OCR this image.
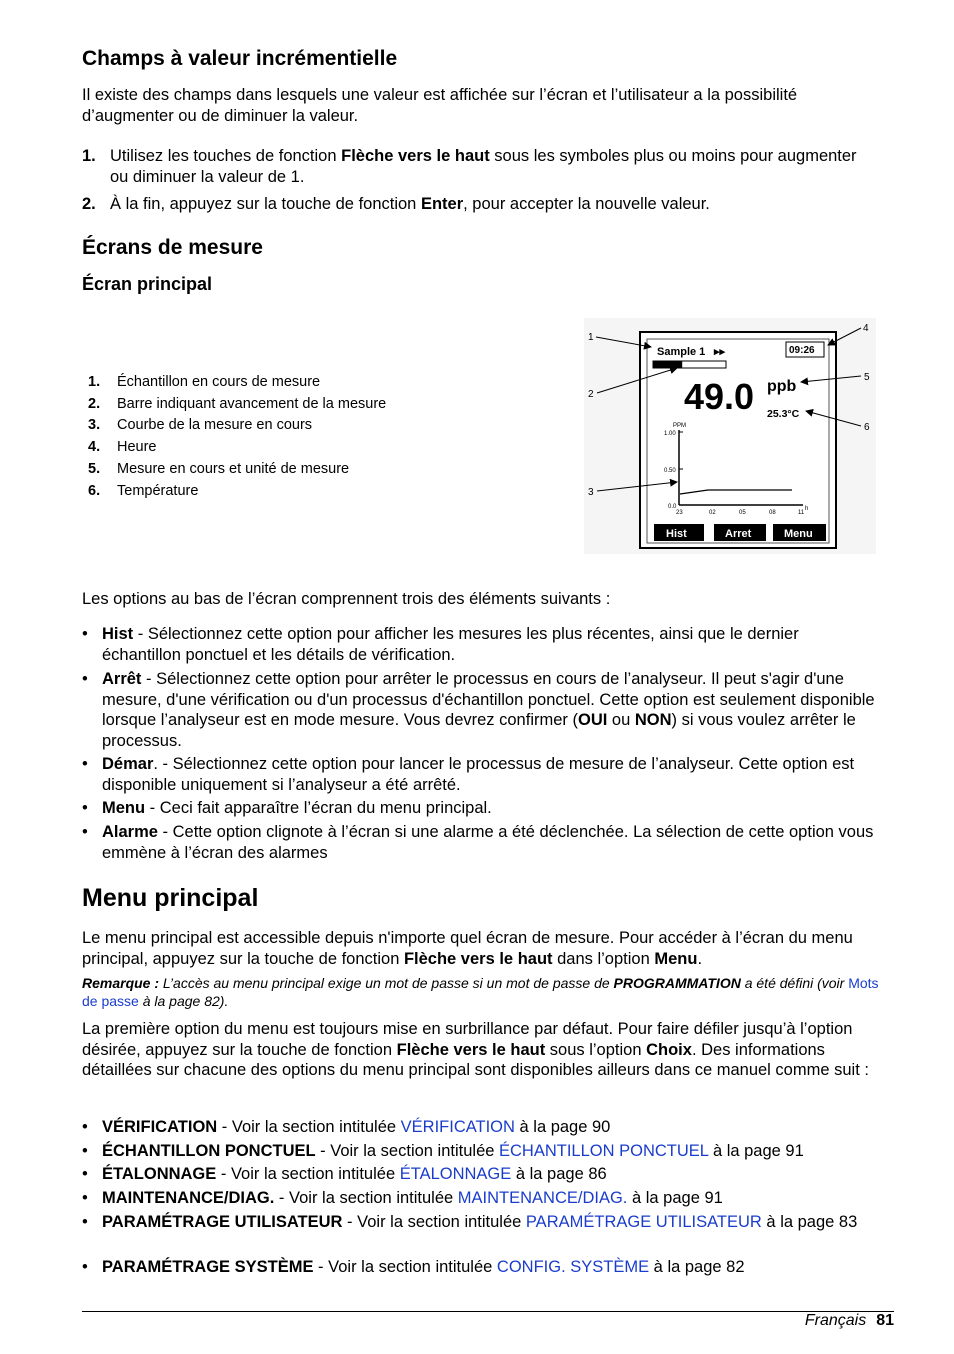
Champs à valeur incrémentielle

Il existe des champs dans lesquels une valeur est affichée sur l’écran et l’utilisateur a la possibilité d’augmenter ou de diminuer la valeur.

1. Utilisez les touches de fonction Flèche vers le haut sous les symboles plus ou moins pour augmenter ou diminuer la valeur de 1.
2. À la fin, appuyez sur la touche de fonction Enter, pour accepter la nouvelle valeur.
Écrans de mesure
Écran principal
1.	Échantillon en cours de mesure
2.	Barre indiquant avancement de la mesure
3.	Courbe de la mesure en cours
4.	Heure
5.	Mesure en cours et unité de mesure
6.	Température
Sample 1 ▸▸	09:26
49.0 ppb
25.3°C
PPM
1.00
0.50
0.0
23	02	05	08	11
h
Hist	Arret	Menu
1
2
3
4
5
6

Les options au bas de l’écran comprennent trois des éléments suivants :

• Hist - Sélectionnez cette option pour afficher les mesures les plus récentes, ainsi que le dernier échantillon ponctuel et les détails de vérification.
• Arrêt - Sélectionnez cette option pour arrêter le processus en cours de l’analyseur. Il peut s'agir d'une mesure, d'une vérification ou d'un processus d'échantillon ponctuel. Cette option est seulement disponible lorsque l’analyseur est en mode mesure. Vous devrez confirmer (OUI ou NON) si vous voulez arrêter le processus.
• Démar. - Sélectionnez cette option pour lancer le processus de mesure de l’analyseur. Cette option est disponible uniquement si l’analyseur a été arrêté.
• Menu - Ceci fait apparaître l’écran du menu principal.
• Alarme - Cette option clignote à l’écran si une alarme a été déclenchée. La sélection de cette option vous emmène à l’écran des alarmes
Menu principal

Le menu principal est accessible depuis n'importe quel écran de mesure. Pour accéder à l’écran du menu principal, appuyez sur la touche de fonction Flèche vers le haut dans l’option Menu.

Remarque : L’accès au menu principal exige un mot de passe si un mot de passe de PROGRAMMATION a été défini (voir Mots de passe à la page 82).

La première option du menu est toujours mise en surbrillance par défaut. Pour faire défiler jusqu’à l’option désirée, appuyez sur la touche de fonction Flèche vers le haut sous l’option Choix. Des informations détaillées sur chacune des options du menu principal sont disponibles ailleurs dans ce manuel comme suit :

• VÉRIFICATION - Voir la section intitulée VÉRIFICATION à la page 90
• ÉCHANTILLON PONCTUEL - Voir la section intitulée ÉCHANTILLON PONCTUEL à la page 91
• ÉTALONNAGE - Voir la section intitulée ÉTALONNAGE à la page 86
• MAINTENANCE/DIAG. - Voir la section intitulée MAINTENANCE/DIAG. à la page 91
• PARAMÉTRAGE UTILISATEUR - Voir la section intitulée PARAMÉTRAGE UTILISATEUR à la page 83
• PARAMÉTRAGE SYSTÈME - Voir la section intitulée CONFIG. SYSTÈME à la page 82
Français 81
